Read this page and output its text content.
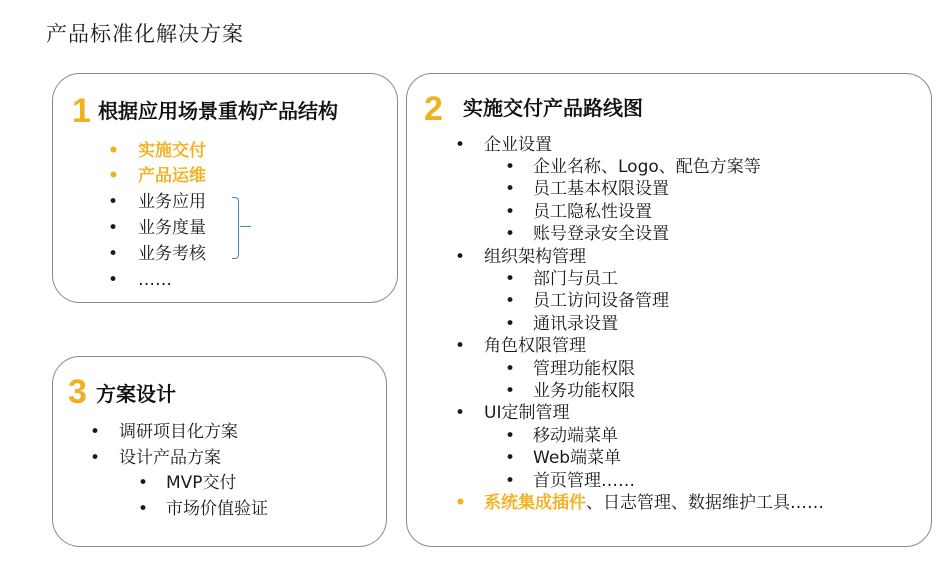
产品标准化解决方案
1 根据应用场景重构产品结构
• 实施交付
• 产品运维
• 业务应用
• 业务度量
• 业务考核
• ……
2 实施交付产品路线图
• 企业设置
• 企业名称、Logo、配色方案等
• 员工基本权限设置
• 员工隐私性设置
• 账号登录安全设置
• 组织架构管理
• 部门与员工
• 员工访问设备管理
• 通讯录设置
• 角色权限管理
• 管理功能权限
• 业务功能权限
• UI定制管理
• 移动端菜单
• Web端菜单
• 首页管理……
• 系统集成插件、日志管理、数据维护工具……
3 方案设计
• 调研项目化方案
• 设计产品方案
• MVP交付
• 市场价值验证
